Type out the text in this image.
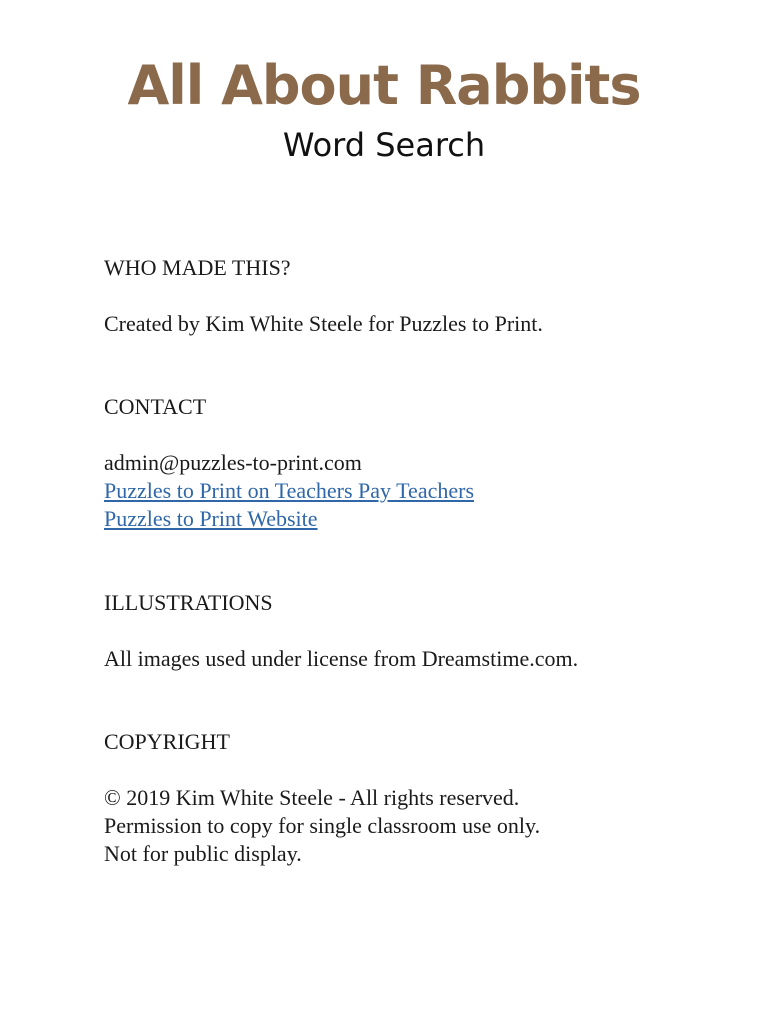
All About Rabbits
Word Search
WHO MADE THIS?
Created by Kim White Steele for Puzzles to Print.
CONTACT
admin@puzzles-to-print.com
Puzzles to Print on Teachers Pay Teachers
Puzzles to Print Website
ILLUSTRATIONS
All images used under license from Dreamstime.com.
COPYRIGHT
© 2019 Kim White Steele - All rights reserved.
Permission to copy for single classroom use only.
Not for public display.
